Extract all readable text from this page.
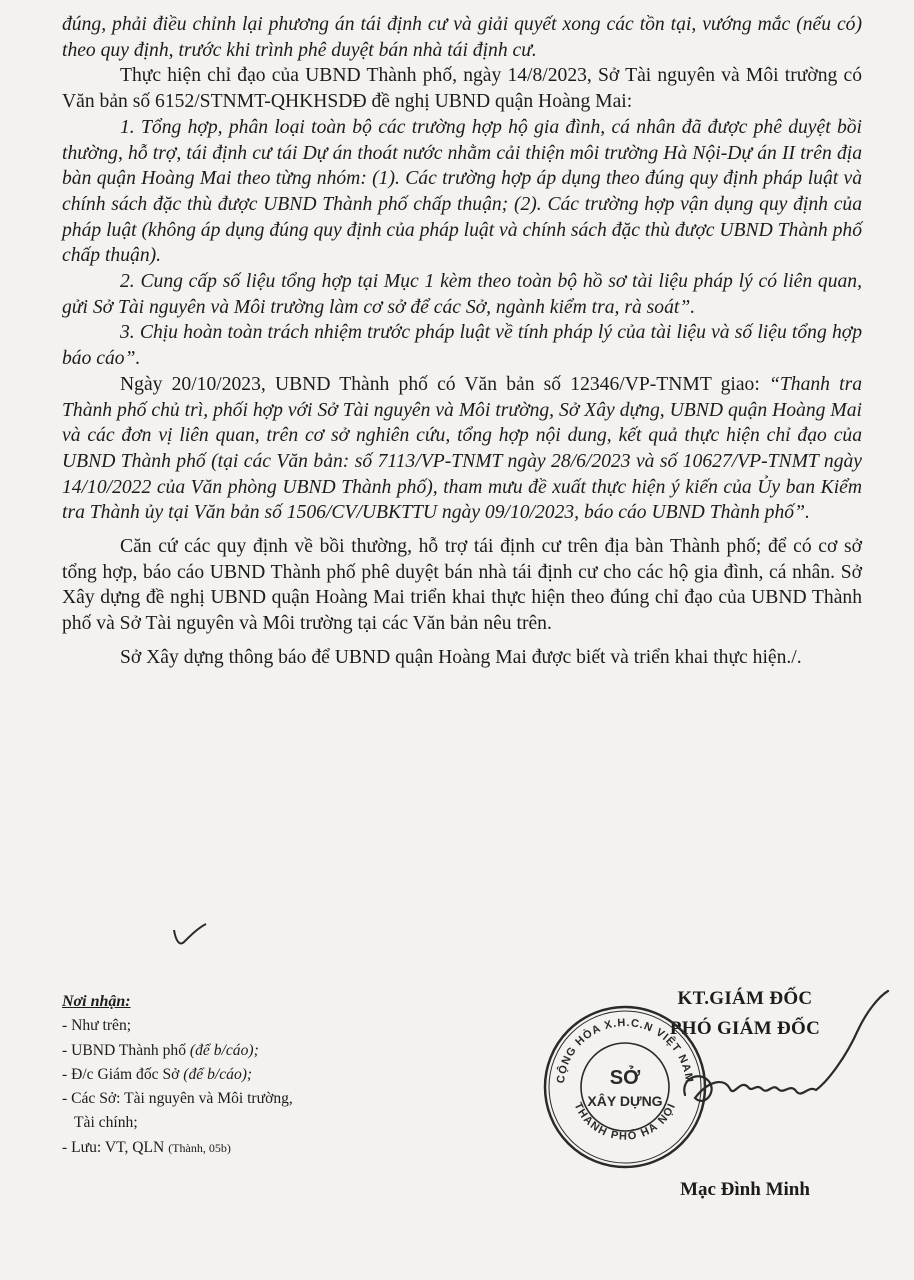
đúng, phải điều chỉnh lại phương án tái định cư và giải quyết xong các tồn tại, vướng mắc (nếu có) theo quy định, trước khi trình phê duyệt bán nhà tái định cư.

Thực hiện chỉ đạo của UBND Thành phố, ngày 14/8/2023, Sở Tài nguyên và Môi trường có Văn bản số 6152/STNMT-QHKHSDĐ đề nghị UBND quận Hoàng Mai:

1. Tổng hợp, phân loại toàn bộ các trường hợp hộ gia đình, cá nhân đã được phê duyệt bồi thường, hỗ trợ, tái định cư tái Dự án thoát nước nhằm cải thiện môi trường Hà Nội-Dự án II trên địa bàn quận Hoàng Mai theo từng nhóm: (1). Các trường hợp áp dụng theo đúng quy định pháp luật và chính sách đặc thù được UBND Thành phố chấp thuận; (2). Các trường hợp vận dụng quy định của pháp luật (không áp dụng đúng quy định của pháp luật và chính sách đặc thù được UBND Thành phố chấp thuận).

2. Cung cấp số liệu tổng hợp tại Mục 1 kèm theo toàn bộ hồ sơ tài liệu pháp lý có liên quan, gửi Sở Tài nguyên và Môi trường làm cơ sở để các Sở, ngành kiểm tra, rà soát”.

3. Chịu hoàn toàn trách nhiệm trước pháp luật về tính pháp lý của tài liệu và số liệu tổng hợp báo cáo”.

Ngày 20/10/2023, UBND Thành phố có Văn bản số 12346/VP-TNMT giao: “Thanh tra Thành phố chủ trì, phối hợp với Sở Tài nguyên và Môi trường, Sở Xây dựng, UBND quận Hoàng Mai và các đơn vị liên quan, trên cơ sở nghiên cứu, tổng hợp nội dung, kết quả thực hiện chỉ đạo của UBND Thành phố (tại các Văn bản: số 7113/VP-TNMT ngày 28/6/2023 và số 10627/VP-TNMT ngày 14/10/2022 của Văn phòng UBND Thành phố), tham mưu đề xuất thực hiện ý kiến của Ủy ban Kiểm tra Thành ủy tại Văn bản số 1506/CV/UBKTTU ngày 09/10/2023, báo cáo UBND Thành phố”.

Căn cứ các quy định về bồi thường, hỗ trợ tái định cư trên địa bàn Thành phố; để có cơ sở tổng hợp, báo cáo UBND Thành phố phê duyệt bán nhà tái định cư cho các hộ gia đình, cá nhân. Sở Xây dựng đề nghị UBND quận Hoàng Mai triển khai thực hiện theo đúng chỉ đạo của UBND Thành phố và Sở Tài nguyên và Môi trường tại các Văn bản nêu trên.

Sở Xây dựng thông báo để UBND quận Hoàng Mai được biết và triển khai thực hiện./.

Nơi nhận:
- Như trên;
- UBND Thành phố (để b/cáo);
- Đ/c Giám đốc Sở (để b/cáo);
- Các Sở: Tài nguyên và Môi trường,
Tài chính;
- Lưu: VT, QLN (Thành, 05b)
KT.GIÁM ĐỐC
PHÓ GIÁM ĐỐC
CỘNG HÒA X.H.C.N VIỆT NAM
THÀNH PHỐ HÀ NỘI
SỞ
XÂY DỰNG
Mạc Đình Minh
